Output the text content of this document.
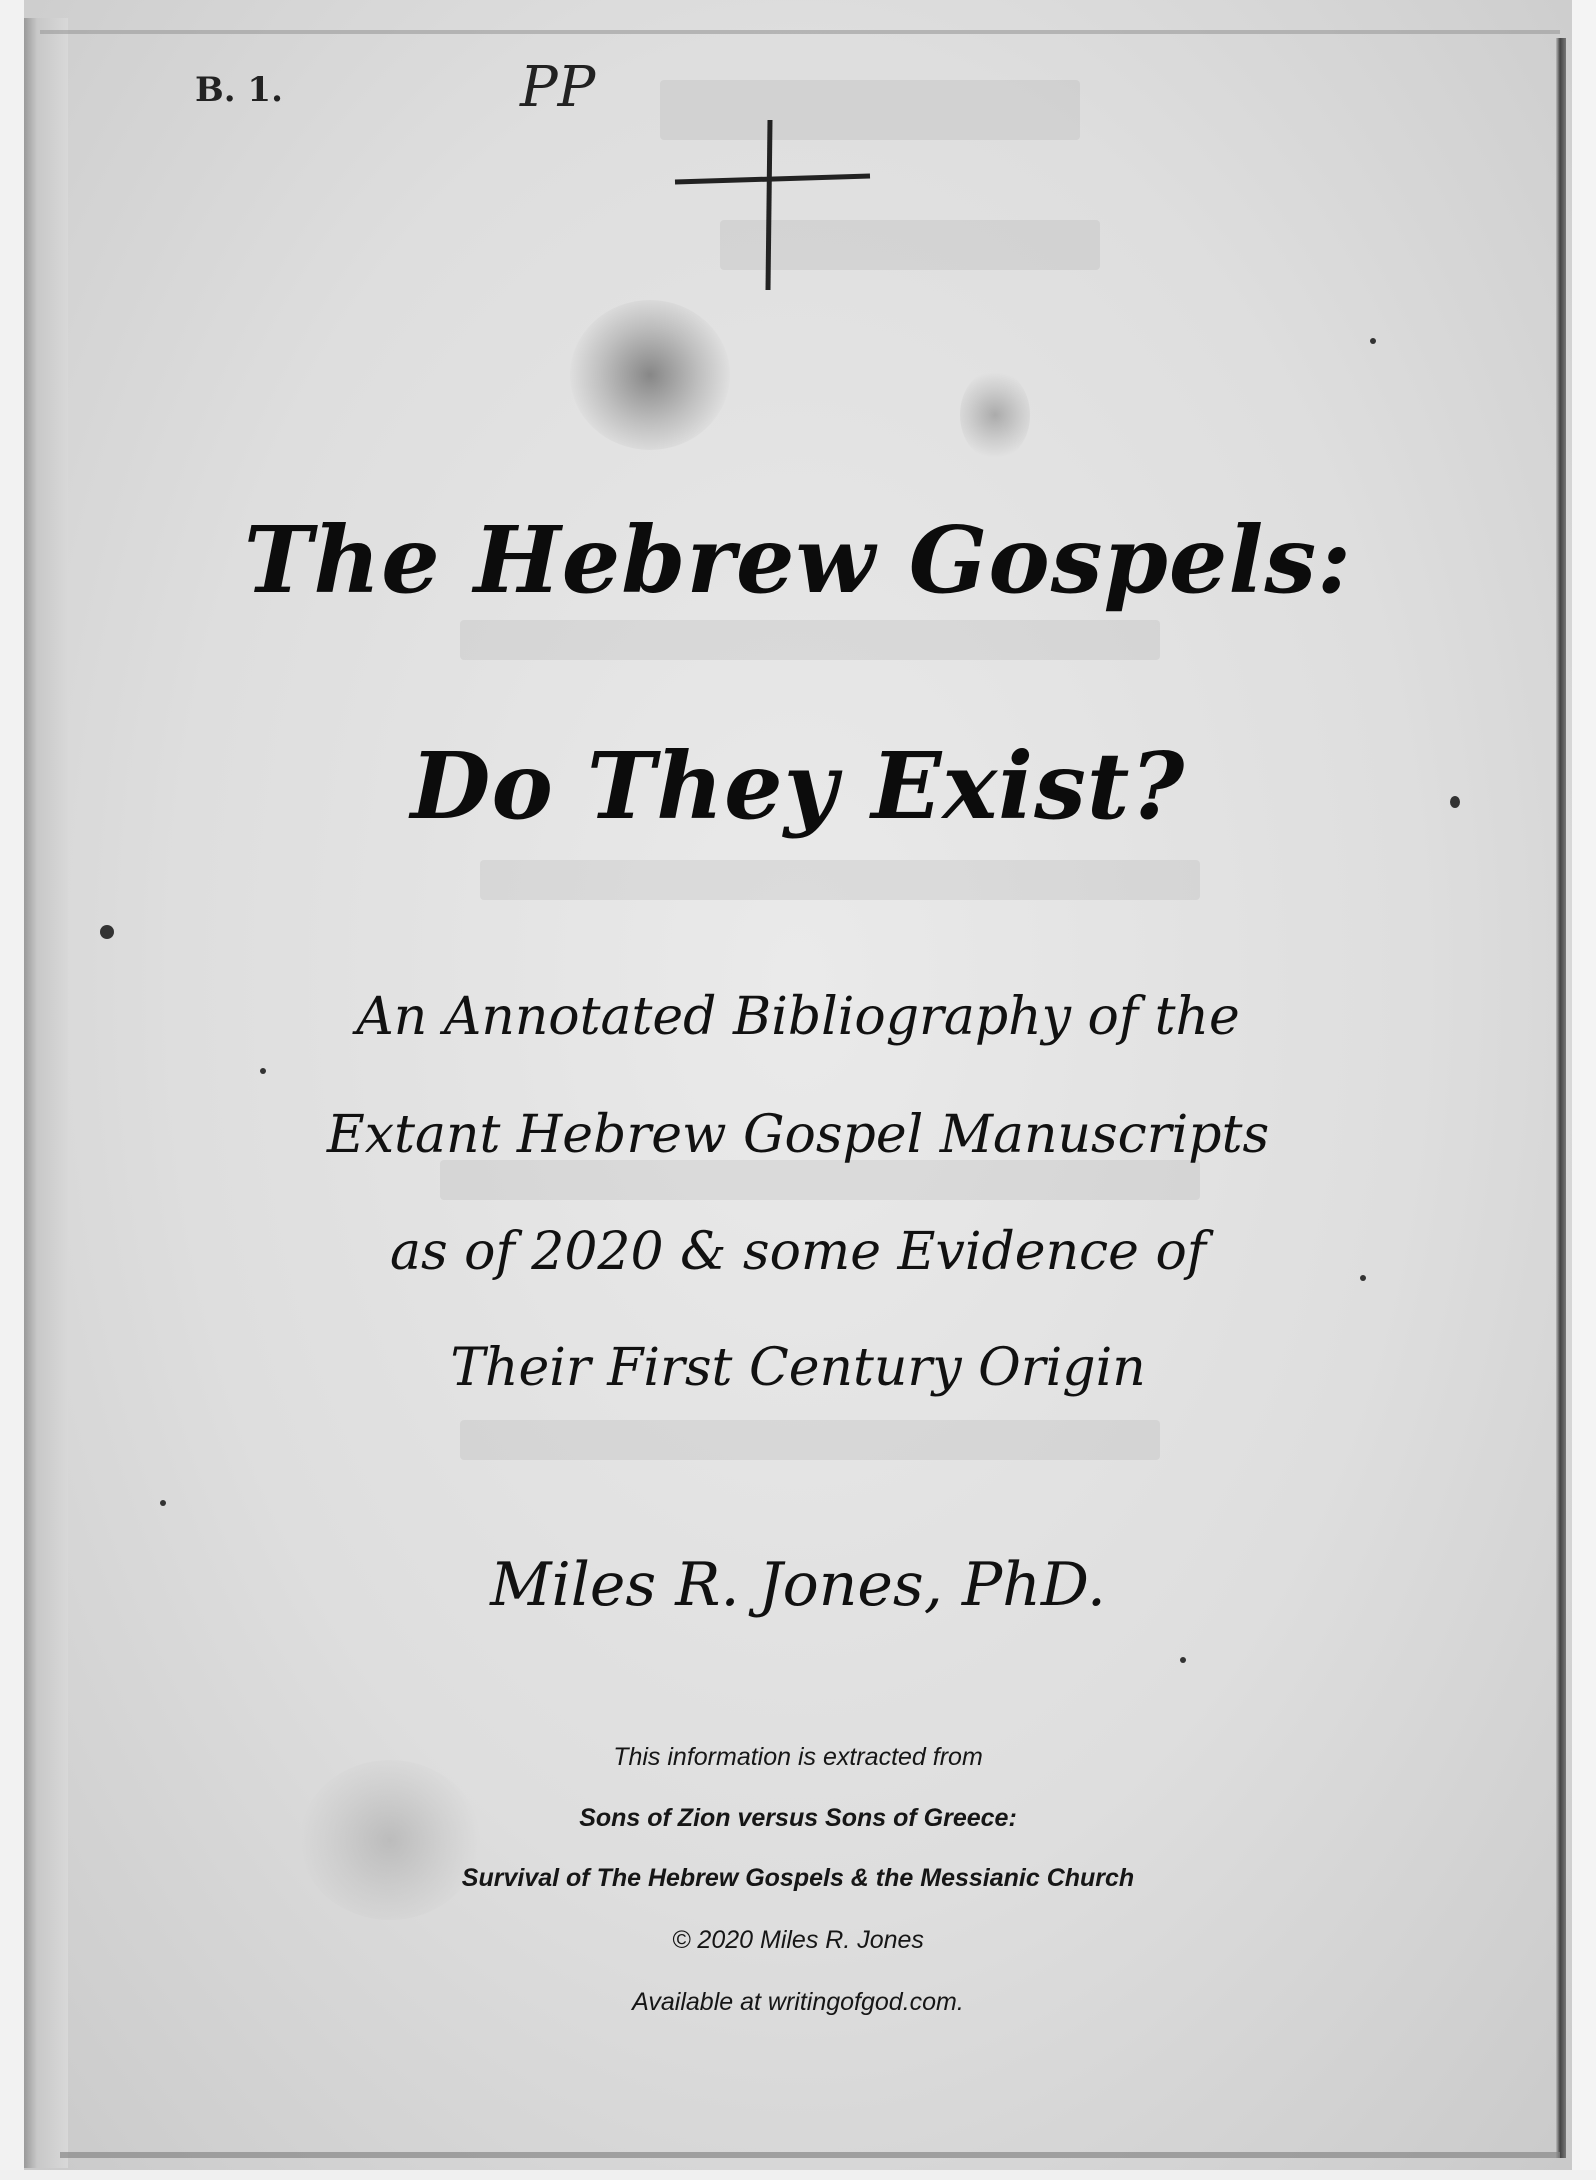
B. 1.	PP
The Hebrew Gospels:
Do They Exist?

An Annotated Bibliography of the

Extant Hebrew Gospel Manuscripts

as of 2020 & some Evidence of

Their First Century Origin

Miles R. Jones, PhD.

This information is extracted from

Sons of Zion versus Sons of Greece:

Survival of The Hebrew Gospels & the Messianic Church

© 2020 Miles R. Jones

Available at writingofgod.com.
